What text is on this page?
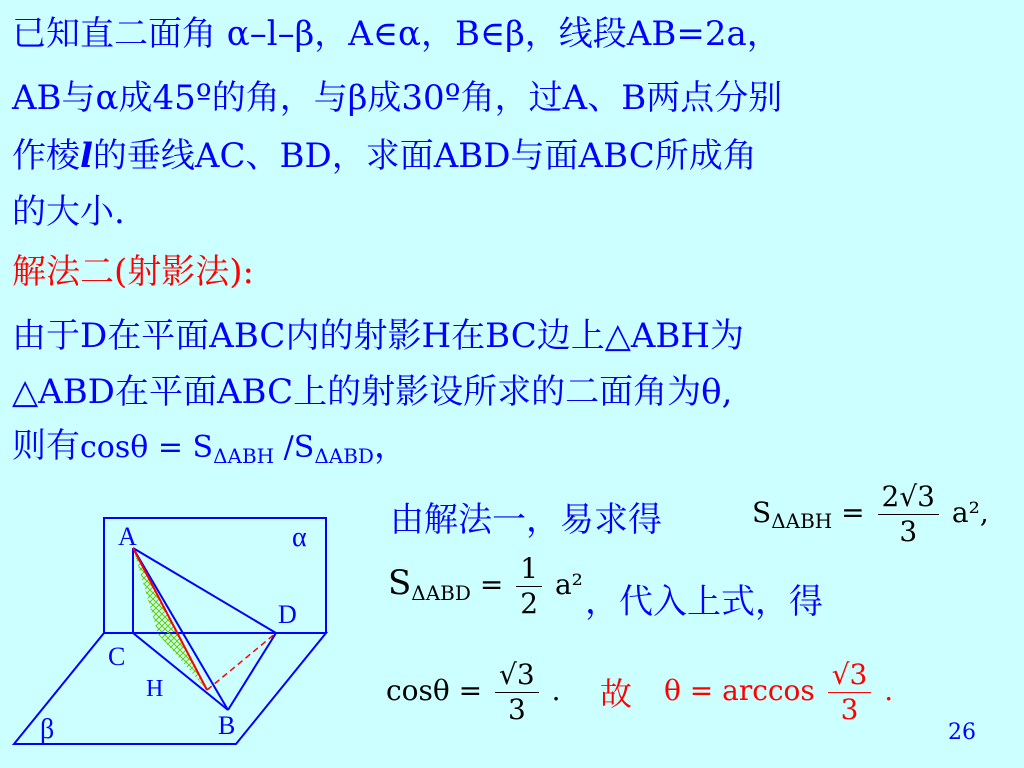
已知直二面角 α–l–β，A∈α，B∈β，线段AB=2a，
AB与α成45º的角，与β成30º角，过A、B两点分别
作棱l的垂线AC、BD，求面ABD与面ABC所成角
的大小.
解法二(射影法):
由于D在平面ABC内的射影H在BC边上△ABH为
△ABD在平面ABC上的射影设所求的二面角为θ,
则有$\cos\theta = S_{\Delta ABH}$ $/S_{\Delta ABD}$，
由解法一，易求得	$S_{\Delta ABH} = \frac{2√3}{3} a^2$,
$S_{\Delta ABD} = \frac{1}{2} a^2$ ，代入上式，得
$\cos\theta = \frac{√3}{3}$ . 故 $\theta = \arccos \frac{√3}{3}$ .
A	α
D
C
H
β	B	26
